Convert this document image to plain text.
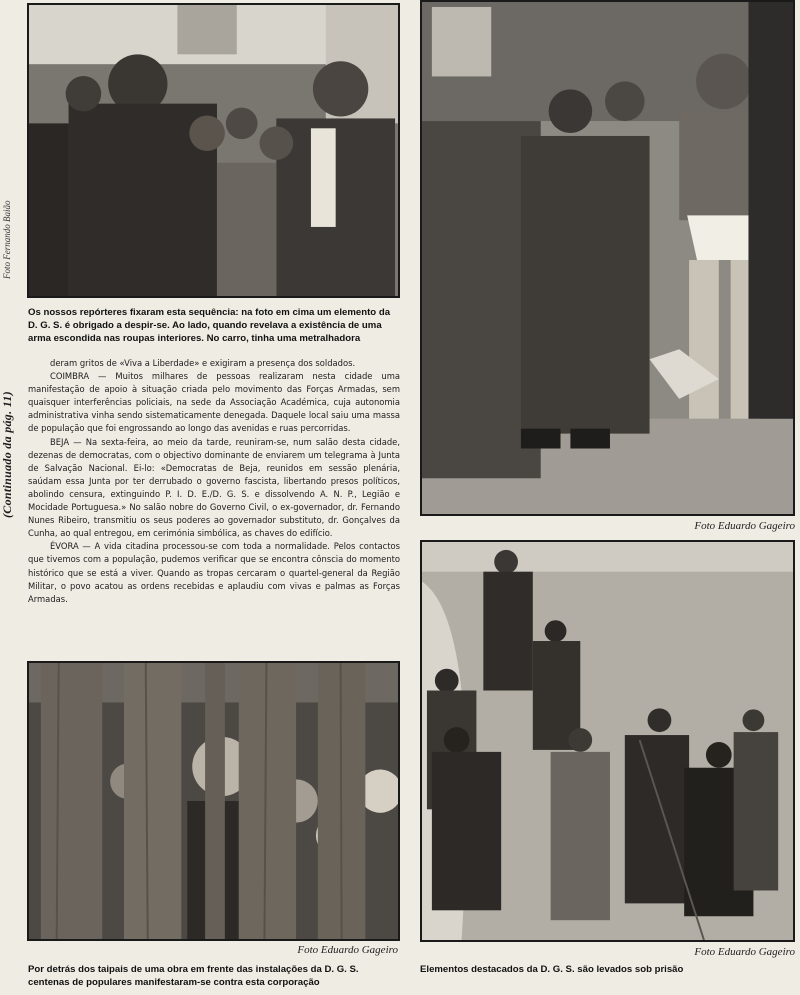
Foto Eduardo Gageiro
Foto Fernando Baião
(Continuado da pág. 11)
Os nossos repórteres fixaram esta sequência: na foto em cima um elemento da D. G. S. é obrigado a despir-se. Ao lado, quando revelava a existência de uma arma escondida nas roupas interiores. No carro, tinha uma metralhadora

deram gritos de «Viva a Liberdade» e exigiram a presença dos soldados.

COIMBRA — Muitos milhares de pessoas realizaram nesta cidade uma manifestação de apoio à situação criada pelo movimento das Forças Armadas, sem quaisquer interferências policiais, na sede da Associação Académica, cuja autonomia administrativa vinha sendo sistematicamente denegada. Daquele local saiu uma massa de população que foi engrossando ao longo das avenidas e ruas percorridas.

BEJA — Na sexta-feira, ao meio da tarde, reuniram-se, num salão desta cidade, dezenas de democratas, com o objectivo dominante de enviarem um telegrama à Junta de Salvação Nacional. Ei-lo: «Democratas de Beja, reunidos em sessão plenária, saúdam essa Junta por ter derrubado o governo fascista, libertando presos políticos, abolindo censura, extinguindo P. I. D. E./D. G. S. e dissolvendo A. N. P., Legião e Mocidade Portuguesa.» No salão nobre do Governo Civil, o ex-governador, dr. Fernando Nunes Ribeiro, transmitiu os seus poderes ao governador substituto, dr. Gonçalves da Cunha, ao qual entregou, em cerimónia simbólica, as chaves do edifício.

ÉVORA — A vida citadina processou-se com toda a normalidade. Pelos contactos que tivemos com a população, pudemos verificar que se encontra cônscia do momento histórico que se está a viver. Quando as tropas cercaram o quartel-general da Região Militar, o povo acatou as ordens recebidas e aplaudiu com vivas e palmas as Forças Armadas.

Foto Eduardo Gageiro
Por detrás dos taipais de uma obra em frente das instalações da D. G. S. centenas de populares manifestaram-se contra esta corporação
Foto Eduardo Gageiro
Elementos destacados da D. G. S. são levados sob prisão
